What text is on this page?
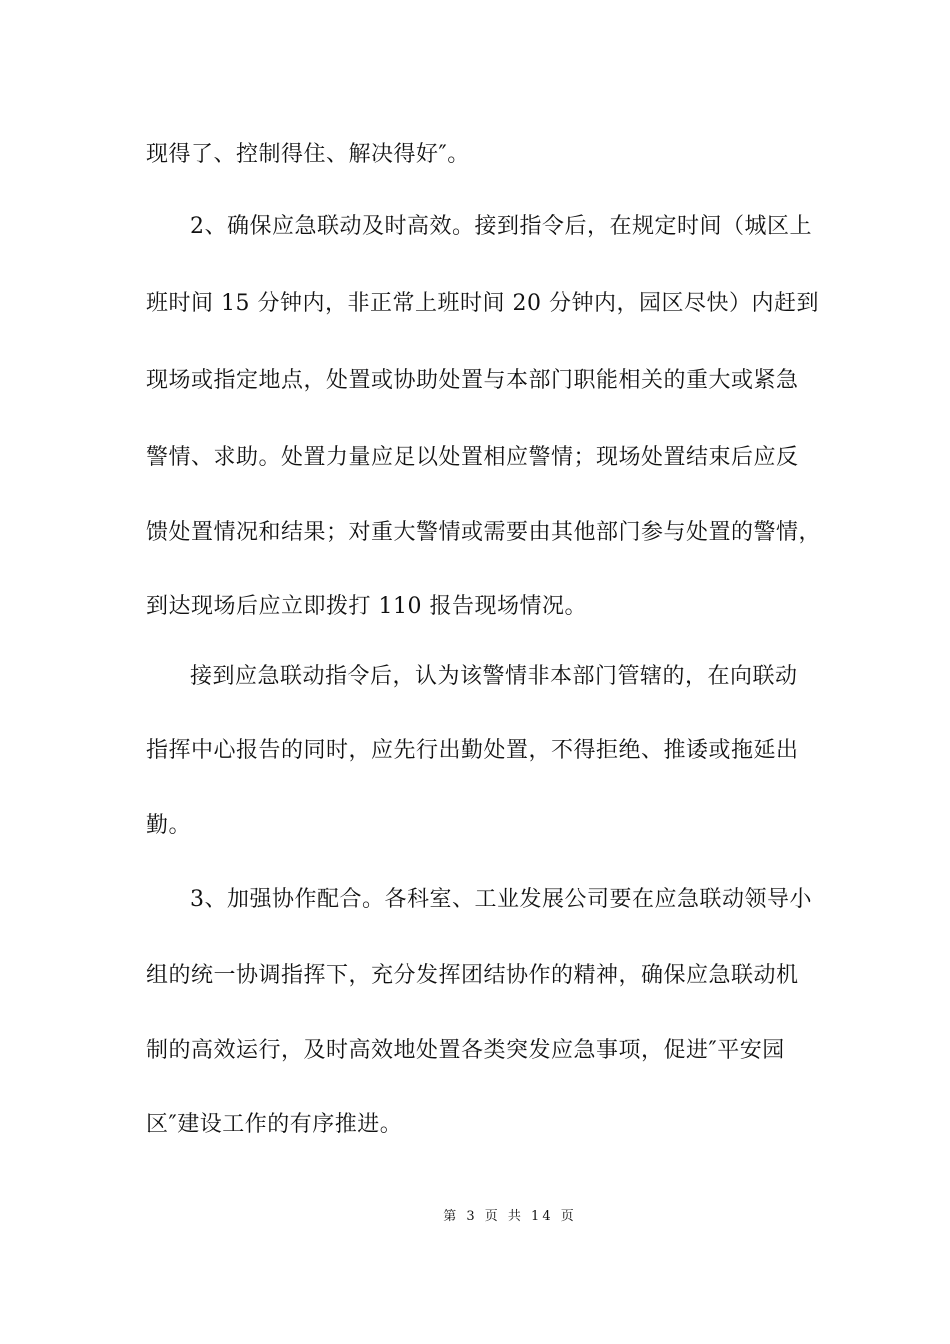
现得了、控制得住、解决得好″。
2、确保应急联动及时高效。接到指令后，在规定时间（城区上
班时间 15 分钟内，非正常上班时间 20 分钟内，园区尽快）内赶到
现场或指定地点，处置或协助处置与本部门职能相关的重大或紧急
警情、求助。处置力量应足以处置相应警情；现场处置结束后应反
馈处置情况和结果；对重大警情或需要由其他部门参与处置的警情，
到达现场后应立即拨打 110 报告现场情况。
接到应急联动指令后，认为该警情非本部门管辖的，在向联动
指挥中心报告的同时，应先行出勤处置，不得拒绝、推诿或拖延出
勤。
3、加强协作配合。各科室、工业发展公司要在应急联动领导小
组的统一协调指挥下，充分发挥团结协作的精神，确保应急联动机
制的高效运行，及时高效地处置各类突发应急事项，促进″平安园
区″建设工作的有序推进。
第 3 页 共 14 页
